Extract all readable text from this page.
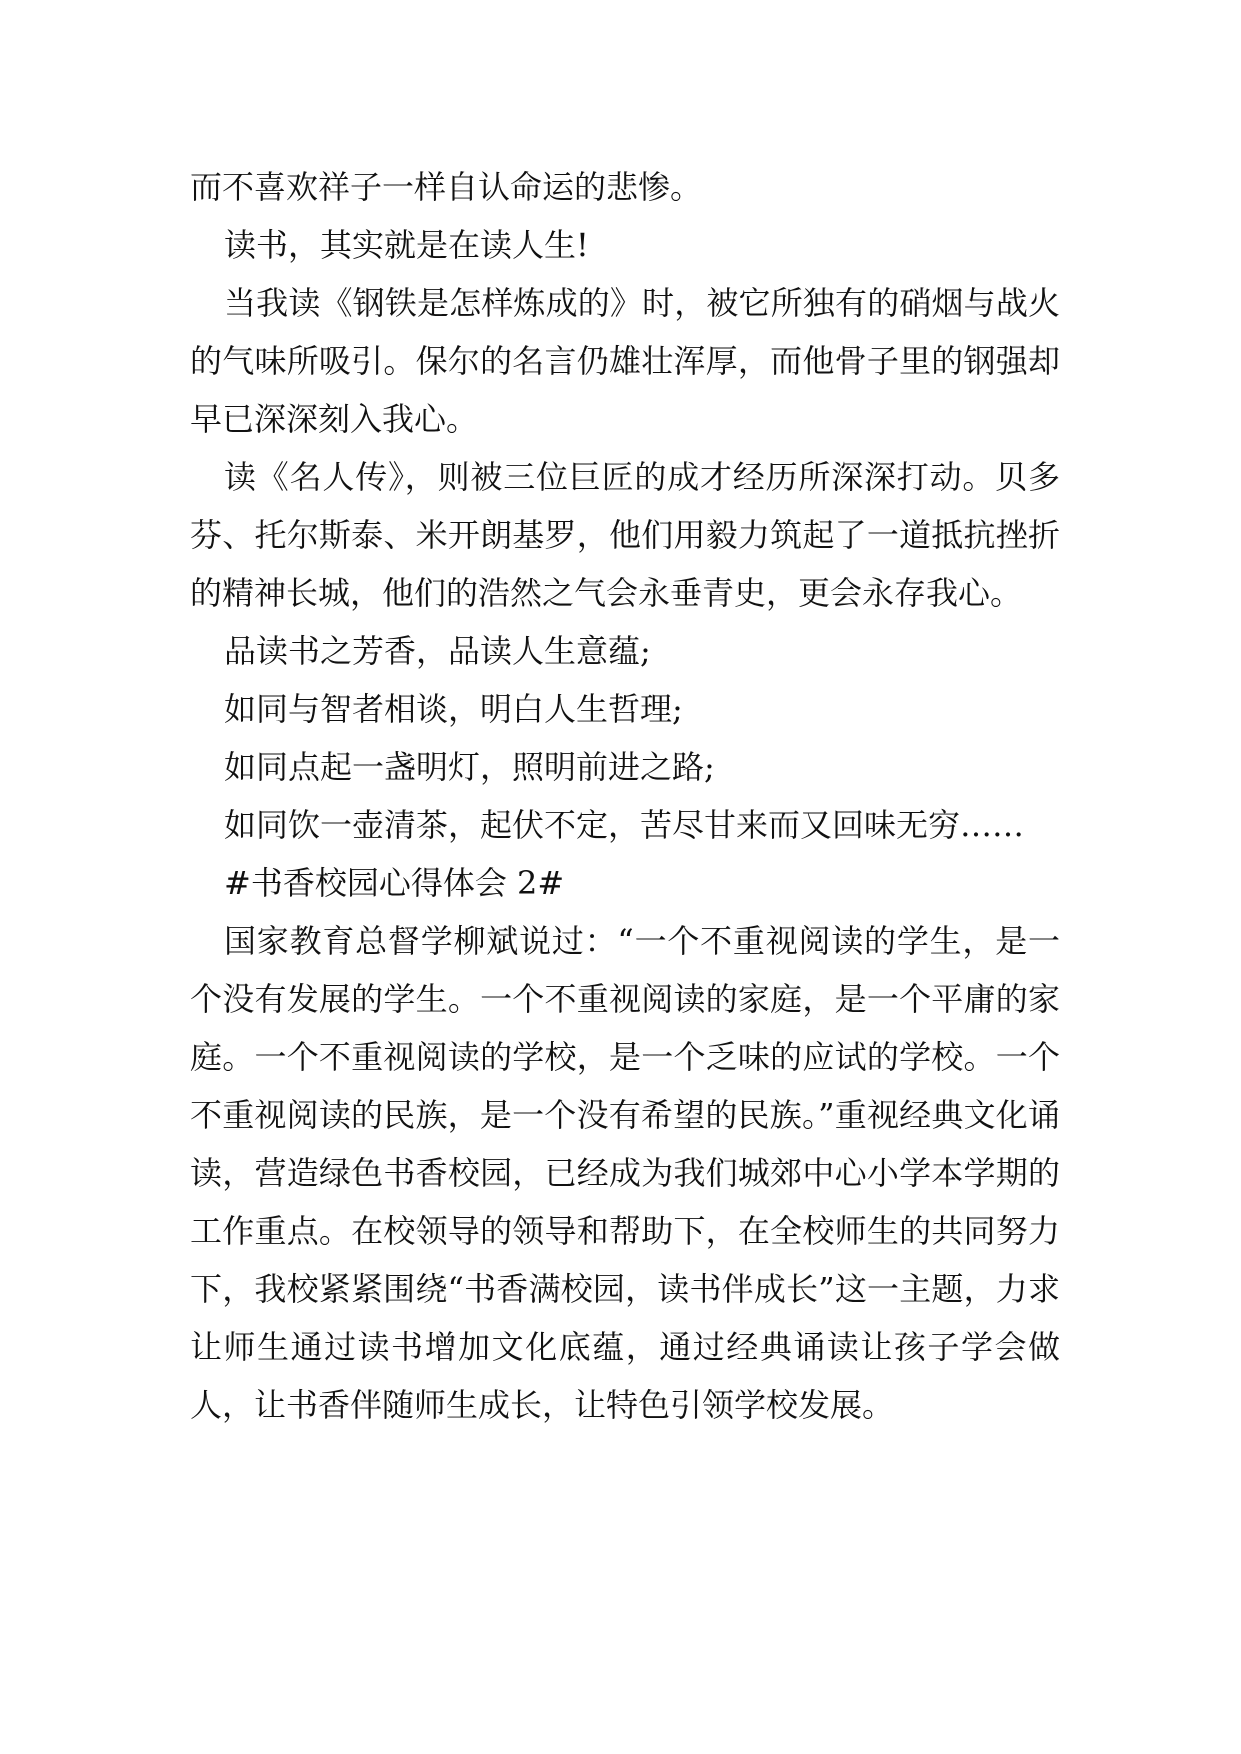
而不喜欢祥子一样自认命运的悲惨。

读书，其实就是在读人生!

当我读《钢铁是怎样炼成的》时，被它所独有的硝烟与战火的气味所吸引。保尔的名言仍雄壮浑厚，而他骨子里的钢强却早已深深刻入我心。

读《名人传》，则被三位巨匠的成才经历所深深打动。贝多芬、托尔斯泰、米开朗基罗，他们用毅力筑起了一道抵抗挫折的精神长城，他们的浩然之气会永垂青史，更会永存我心。

品读书之芳香，品读人生意蕴;

如同与智者相谈，明白人生哲理;

如同点起一盏明灯，照明前进之路;

如同饮一壶清茶，起伏不定，苦尽甘来而又回味无穷……

#书香校园心得体会 2#

国家教育总督学柳斌说过：“一个不重视阅读的学生，是一个没有发展的学生。一个不重视阅读的家庭，是一个平庸的家庭。一个不重视阅读的学校，是一个乏味的应试的学校。一个不重视阅读的民族，是一个没有希望的民族。”重视经典文化诵读，营造绿色书香校园，已经成为我们城郊中心小学本学期的工作重点。在校领导的领导和帮助下，在全校师生的共同努力下，我校紧紧围绕“书香满校园，读书伴成长”这一主题，力求让师生通过读书增加文化底蕴，通过经典诵读让孩子学会做人，让书香伴随师生成长，让特色引领学校发展。
